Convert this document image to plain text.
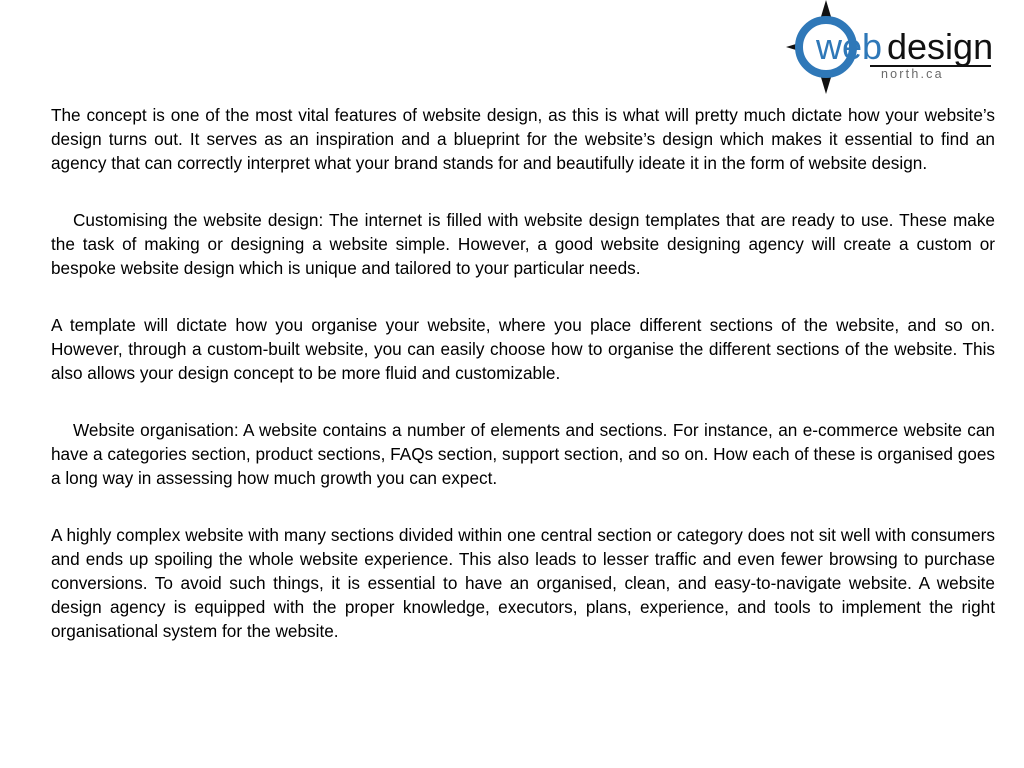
web design
north.ca

The concept is one of the most vital features of website design, as this is what will pretty much dictate how your website’s design turns out. It serves as an inspiration and a blueprint for the website’s design which makes it essential to find an agency that can correctly interpret what your brand stands for and beautifully ideate it in the form of website design.

Customising the website design: The internet is filled with website design templates that are ready to use. These make the task of making or designing a website simple. However, a good website designing agency will create a custom or bespoke website design which is unique and tailored to your particular needs.

A template will dictate how you organise your website, where you place different sections of the website, and so on. However, through a custom-built website, you can easily choose how to organise the different sections of the website. This also allows your design concept to be more fluid and customizable.

Website organisation: A website contains a number of elements and sections. For instance, an e-commerce website can have a categories section, product sections, FAQs section, support section, and so on. How each of these is organised goes a long way in assessing how much growth you can expect.

A highly complex website with many sections divided within one central section or category does not sit well with consumers and ends up spoiling the whole website experience. This also leads to lesser traffic and even fewer browsing to purchase conversions. To avoid such things, it is essential to have an organised, clean, and easy-to-navigate website. A website design agency is equipped with the proper knowledge, executors, plans, experience, and tools to implement the right organisational system for the website.
